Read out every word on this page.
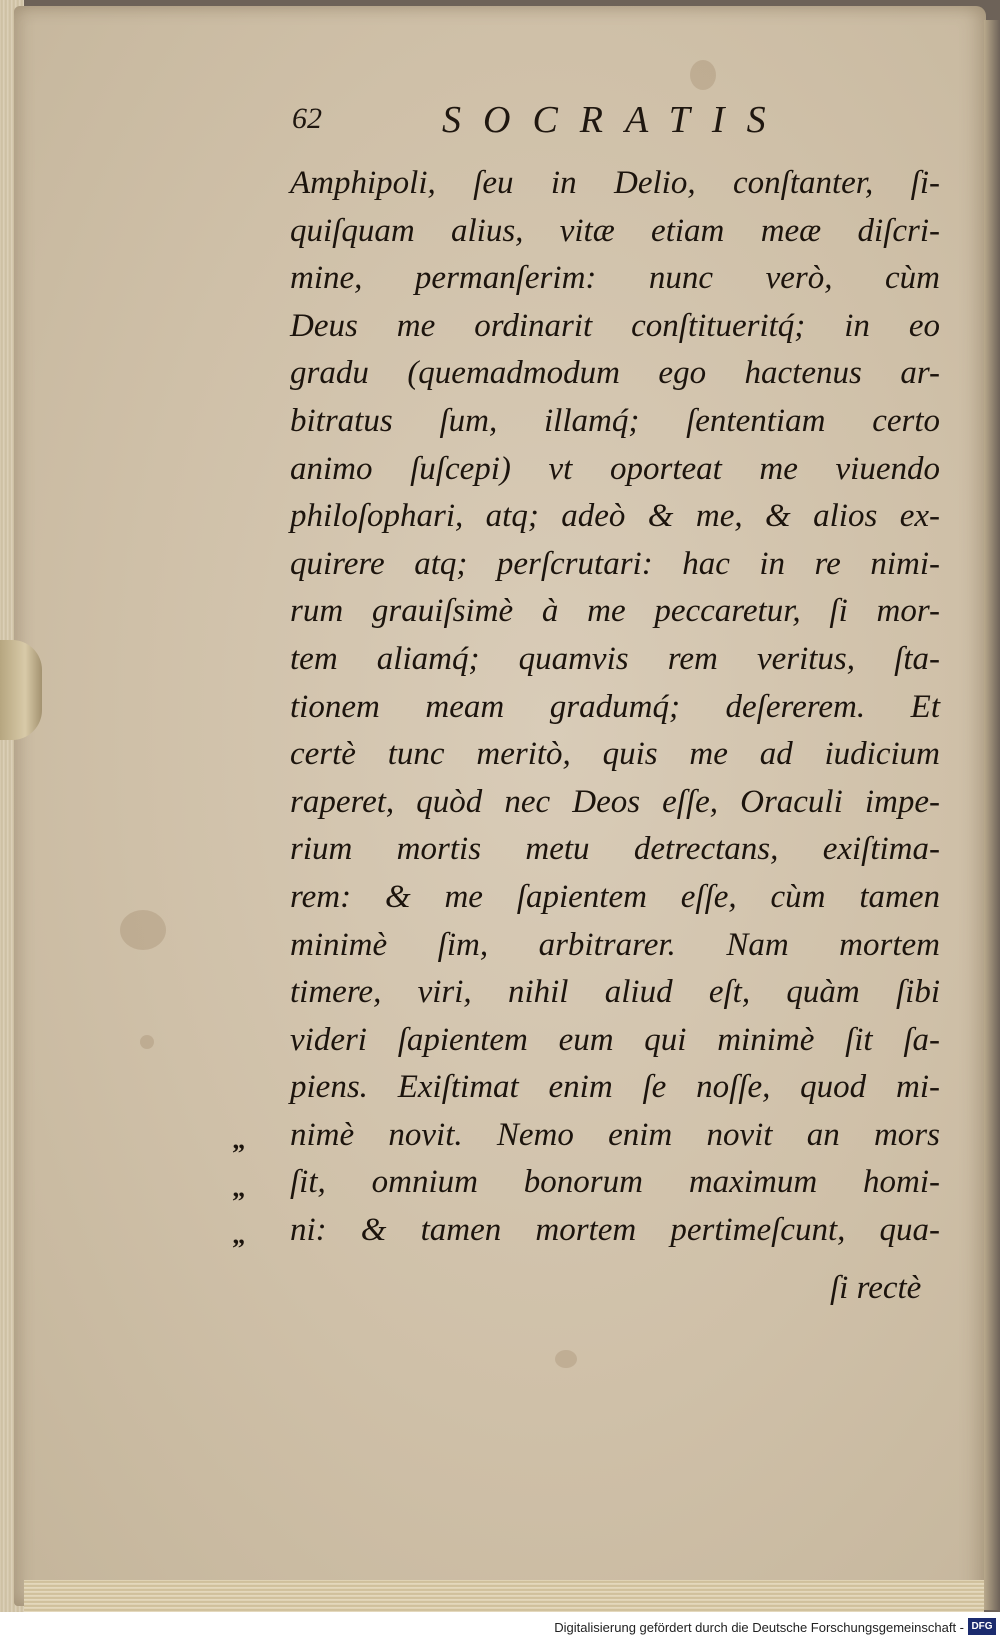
62	SOCRATIS
Amphipoli, ſeu in Delio, conſtanter, ſi-
quiſquam alius, vitæ etiam meæ diſcri-
mine, permanſerim: nunc verò, cùm
Deus me ordinarit conſtitueritq́; in eo
gradu (quemadmodum ego hactenus ar-
bitratus ſum, illamq́; ſententiam certo
animo ſuſcepi) vt oporteat me viuendo
philoſophari, atq; adeò & me, & alios ex-
quirere atq; perſcrutari: hac in re nimi-
rum grauiſsimè à me peccaretur, ſi mor-
tem aliamq́; quamvis rem veritus, ſta-
tionem meam gradumq́; deſererem. Et
certè tunc meritò, quis me ad iudicium
raperet, quòd nec Deos eſſe, Oraculi impe-
rium mortis metu detrectans, exiſtima-
rem: & me ſapientem eſſe, cùm tamen
minimè ſim, arbitrarer. Nam mortem
timere, viri, nihil aliud eſt, quàm ſibi
videri ſapientem eum qui minimè ſit ſa-
piens. Exiſtimat enim ſe noſſe, quod mi-
nimè novit. Nemo enim novit an mors
ſit, omnium bonorum maximum homi-
ni: & tamen mortem pertimeſcunt, qua-
”
”
”
ſi rectè
Digitalisierung gefördert durch die Deutsche Forschungsgemeinschaft - DFG
